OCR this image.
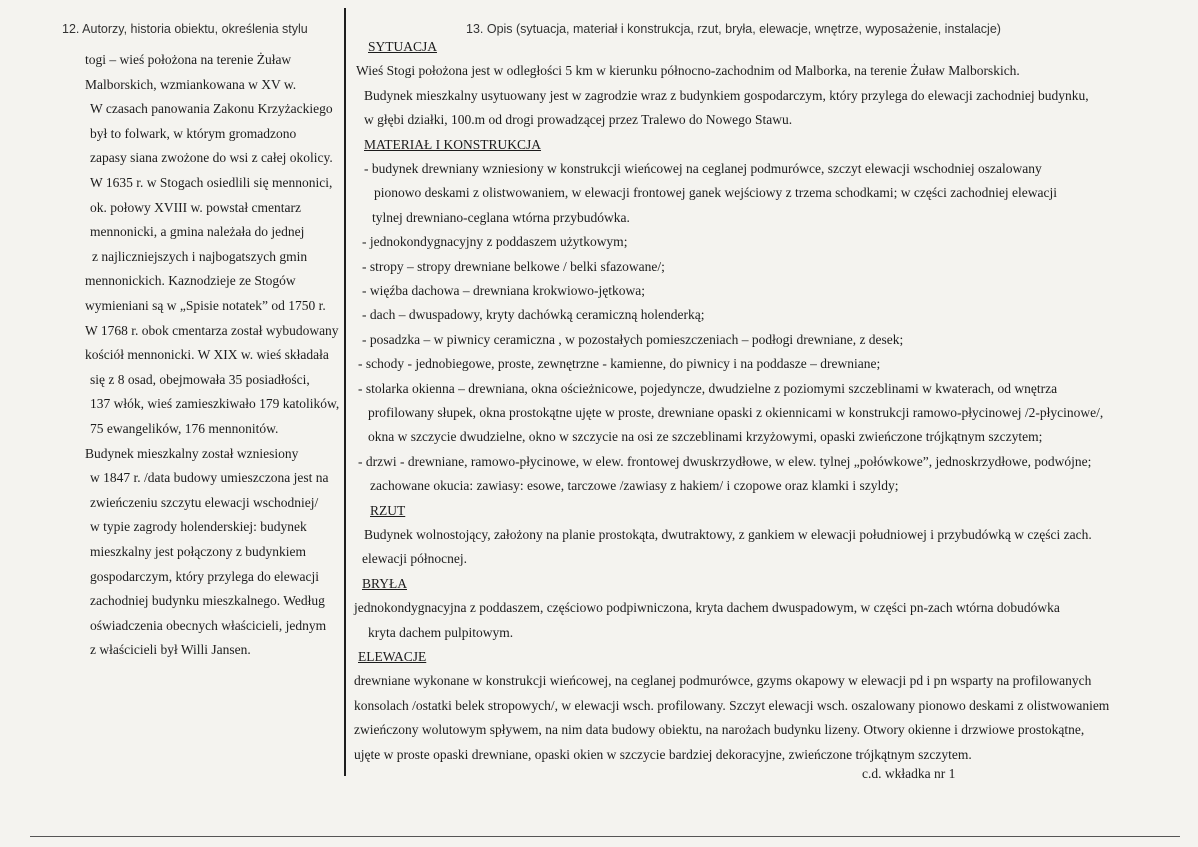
12. Autorzy, historia obiektu, określenia stylu	13. Opis (sytuacja, materiał i konstrukcja, rzut, bryła, elewacje, wnętrze, wyposażenie, instalacje)
togi – wieś położona na terenie Żuław
Malborskich, wzmiankowana w XV w.
W czasach panowania Zakonu Krzyżackiego
był to folwark, w którym gromadzono
zapasy siana zwożone do wsi z całej okolicy.
W 1635 r. w Stogach osiedlili się mennonici,
ok. połowy XVIII w. powstał cmentarz
mennonicki, a gmina należała do jednej
z najliczniejszych i najbogatszych gmin
mennonickich. Kaznodzieje ze Stogów
wymieniani są w „Spisie notatek” od 1750 r.
W 1768 r. obok cmentarza został wybudowany
kościół mennonicki. W XIX w. wieś składała
się z 8 osad, obejmowała 35 posiadłości,
137 włók, wieś zamieszkiwało 179 katolików,
75 ewangelików, 176 mennonitów.
Budynek mieszkalny został wzniesiony
w 1847 r. /data budowy umieszczona jest na
zwieńczeniu szczytu elewacji wschodniej/
w typie zagrody holenderskiej: budynek
mieszkalny jest połączony z budynkiem
gospodarczym, który przylega do elewacji
zachodniej budynku mieszkalnego. Według
oświadczenia obecnych właścicieli, jednym
z właścicieli był Willi Jansen.
SYTUACJA
Wieś Stogi położona jest w odległości 5 km w kierunku północno-zachodnim od Malborka, na terenie Żuław Malborskich.
Budynek mieszkalny usytuowany jest w zagrodzie wraz z budynkiem gospodarczym, który przylega do elewacji zachodniej budynku,
w głębi działki, 100.m od drogi prowadzącej przez Tralewo do Nowego Stawu.
MATERIAŁ I KONSTRUKCJA
- budynek drewniany wzniesiony w konstrukcji wieńcowej na ceglanej podmurówce, szczyt elewacji wschodniej oszalowany
pionowo deskami z olistwowaniem, w elewacji frontowej ganek wejściowy z trzema schodkami; w części zachodniej elewacji
tylnej drewniano-ceglana wtórna przybudówka.
- jednokondygnacyjny z poddaszem użytkowym;
- stropy – stropy drewniane belkowe / belki sfazowane/;
- więźba dachowa – drewniana krokwiowo-jętkowa;
- dach – dwuspadowy, kryty dachówką ceramiczną holenderką;
- posadzka – w piwnicy ceramiczna , w pozostałych pomieszczeniach – podłogi drewniane, z desek;
- schody - jednobiegowe, proste, zewnętrzne - kamienne, do piwnicy i na poddasze – drewniane;
- stolarka okienna – drewniana, okna ościeżnicowe, pojedyncze, dwudzielne z poziomymi szczeblinami w kwaterach, od wnętrza
profilowany słupek, okna prostokątne ujęte w proste, drewniane opaski z okiennicami w konstrukcji ramowo-płycinowej /2-płycinowe/,
okna w szczycie dwudzielne, okno w szczycie na osi ze szczeblinami krzyżowymi, opaski zwieńczone trójkątnym szczytem;
- drzwi - drewniane, ramowo-płycinowe, w elew. frontowej dwuskrzydłowe, w elew. tylnej „połówkowe”, jednoskrzydłowe, podwójne;
zachowane okucia: zawiasy: esowe, tarczowe /zawiasy z hakiem/ i czopowe oraz klamki i szyldy;
RZUT
Budynek wolnostojący, założony na planie prostokąta, dwutraktowy, z gankiem w elewacji południowej i przybudówką w części zach.
elewacji północnej.
BRYŁA
jednokondygnacyjna z poddaszem, częściowo podpiwniczona, kryta dachem dwuspadowym, w części pn-zach wtórna dobudówka
kryta dachem pulpitowym.
ELEWACJE
drewniane wykonane w konstrukcji wieńcowej, na ceglanej podmurówce, gzyms okapowy w elewacji pd i pn wsparty na profilowanych
konsolach /ostatki belek stropowych/, w elewacji wsch. profilowany. Szczyt elewacji wsch. oszalowany pionowo deskami z olistwowaniem
zwieńczony wolutowym spływem, na nim data budowy obiektu, na narożach budynku lizeny. Otwory okienne i drzwiowe prostokątne,
ujęte w proste opaski drewniane, opaski okien w szczycie bardziej dekoracyjne, zwieńczone trójkątnym szczytem.
c.d. wkładka nr 1
